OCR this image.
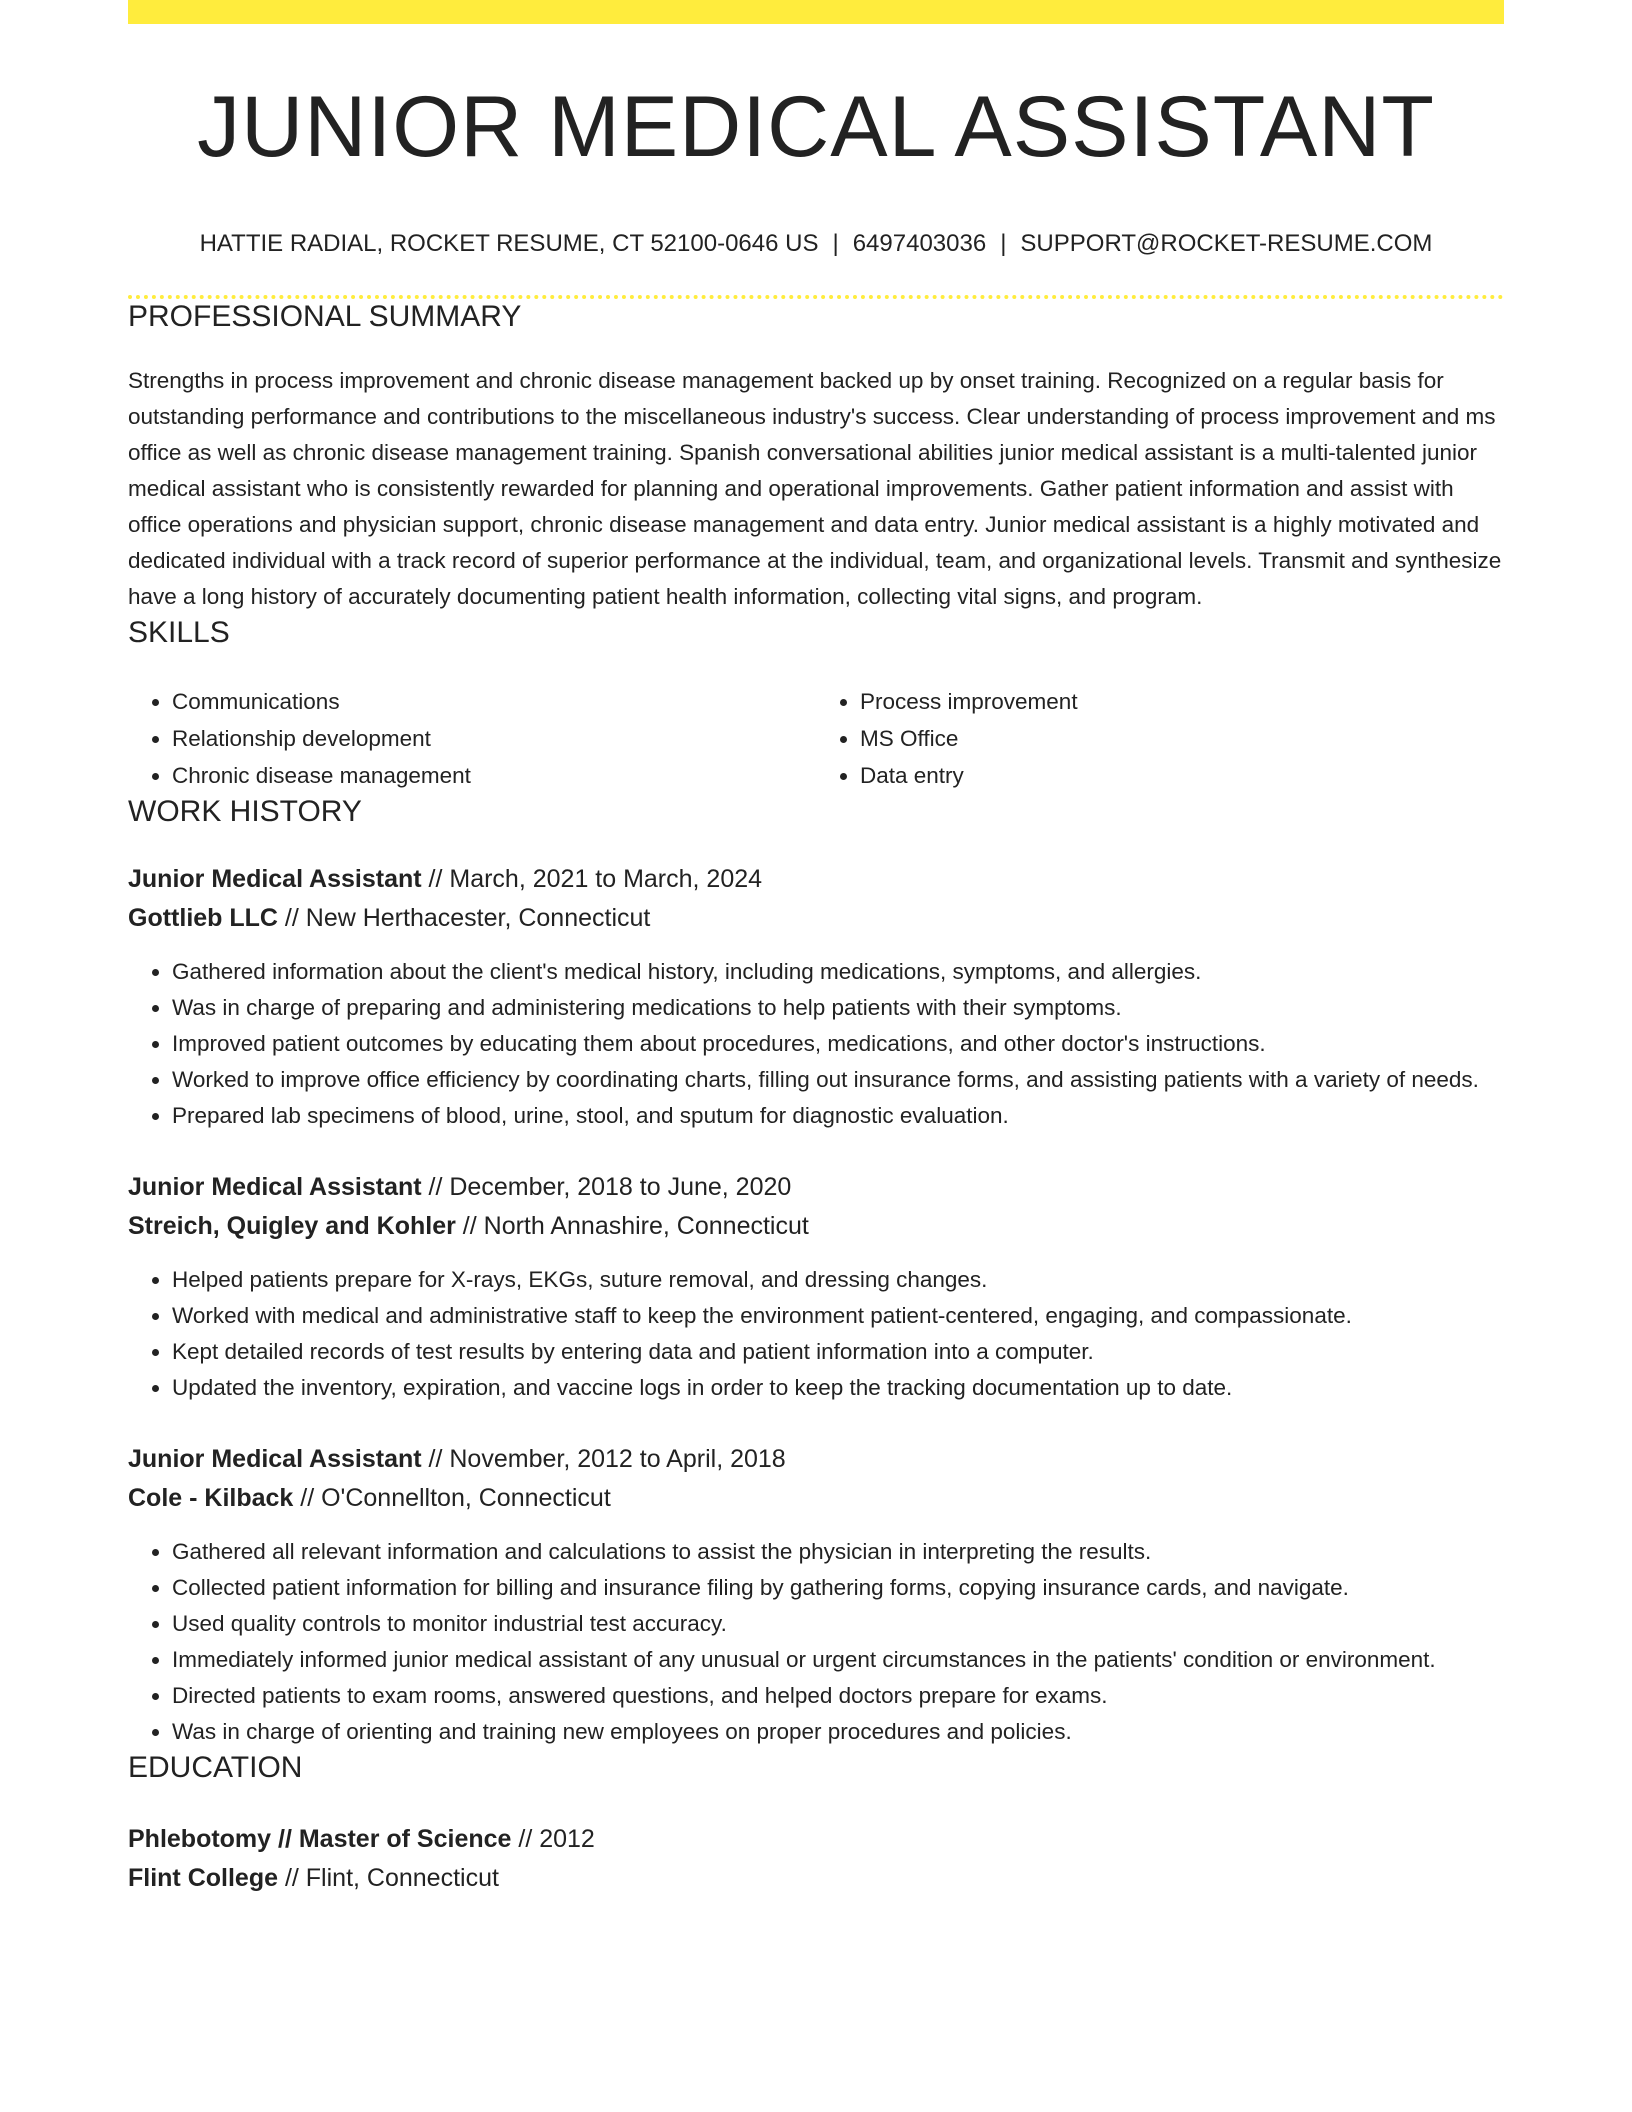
JUNIOR MEDICAL ASSISTANT
HATTIE RADIAL, ROCKET RESUME, CT 52100-0646 US | 6497403036 | SUPPORT@ROCKET-RESUME.COM
PROFESSIONAL SUMMARY

Strengths in process improvement and chronic disease management backed up by onset training. Recognized on a regular basis for outstanding performance and contributions to the miscellaneous industry's success. Clear understanding of process improvement and ms office as well as chronic disease management training. Spanish conversational abilities junior medical assistant is a multi-talented junior medical assistant who is consistently rewarded for planning and operational improvements. Gather patient information and assist with office operations and physician support, chronic disease management and data entry. Junior medical assistant is a highly motivated and dedicated individual with a track record of superior performance at the individual, team, and organizational levels. Transmit and synthesize have a long history of accurately documenting patient health information, collecting vital signs, and program.

SKILLS
• Communications
• Relationship development
• Chronic disease management
• Process improvement
• MS Office
• Data entry
WORK HISTORY
Junior Medical Assistant // March, 2021 to March, 2024
Gottlieb LLC // New Herthacester, Connecticut
• Gathered information about the client's medical history, including medications, symptoms, and allergies.
• Was in charge of preparing and administering medications to help patients with their symptoms.
• Improved patient outcomes by educating them about procedures, medications, and other doctor's instructions.
• Worked to improve office efficiency by coordinating charts, filling out insurance forms, and assisting patients with a variety of needs.
• Prepared lab specimens of blood, urine, stool, and sputum for diagnostic evaluation.
Junior Medical Assistant // December, 2018 to June, 2020
Streich, Quigley and Kohler // North Annashire, Connecticut
• Helped patients prepare for X-rays, EKGs, suture removal, and dressing changes.
• Worked with medical and administrative staff to keep the environment patient-centered, engaging, and compassionate.
• Kept detailed records of test results by entering data and patient information into a computer.
• Updated the inventory, expiration, and vaccine logs in order to keep the tracking documentation up to date.
Junior Medical Assistant // November, 2012 to April, 2018
Cole - Kilback // O'Connellton, Connecticut
• Gathered all relevant information and calculations to assist the physician in interpreting the results.
• Collected patient information for billing and insurance filing by gathering forms, copying insurance cards, and navigate.
• Used quality controls to monitor industrial test accuracy.
• Immediately informed junior medical assistant of any unusual or urgent circumstances in the patients' condition or environment.
• Directed patients to exam rooms, answered questions, and helped doctors prepare for exams.
• Was in charge of orienting and training new employees on proper procedures and policies.
EDUCATION
Phlebotomy // Master of Science // 2012
Flint College // Flint, Connecticut
